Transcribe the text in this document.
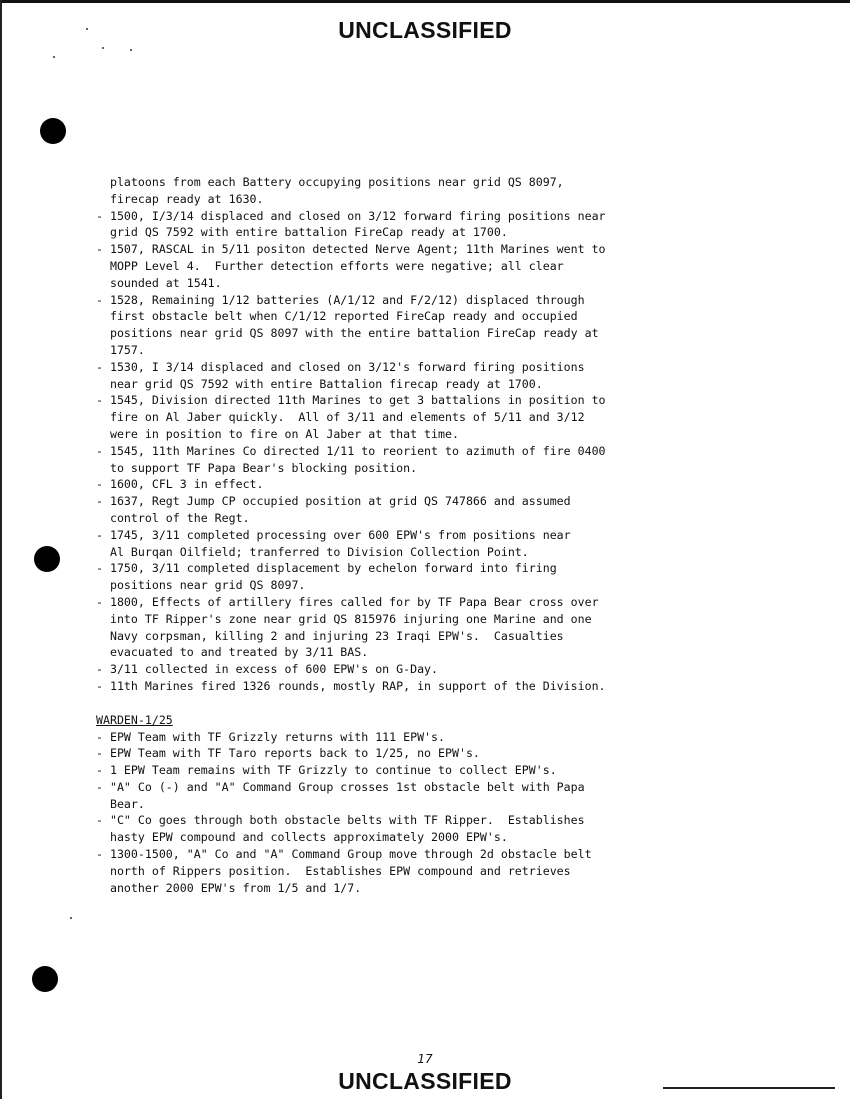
UNCLASSIFIED
platoons from each Battery occupying positions near grid QS 8097,
firecap ready at 1630.
- 1500, I/3/14 displaced and closed on 3/12 forward firing positions near
grid QS 7592 with entire battalion FireCap ready at 1700.
- 1507, RASCAL in 5/11 positon detected Nerve Agent; 11th Marines went to
MOPP Level 4.  Further detection efforts were negative; all clear
sounded at 1541.
- 1528, Remaining 1/12 batteries (A/1/12 and F/2/12) displaced through
first obstacle belt when C/1/12 reported FireCap ready and occupied
positions near grid QS 8097 with the entire battalion FireCap ready at
1757.
- 1530, I 3/14 displaced and closed on 3/12's forward firing positions
near grid QS 7592 with entire Battalion firecap ready at 1700.
- 1545, Division directed 11th Marines to get 3 battalions in position to
fire on Al Jaber quickly.  All of 3/11 and elements of 5/11 and 3/12
were in position to fire on Al Jaber at that time.
- 1545, 11th Marines Co directed 1/11 to reorient to azimuth of fire 0400
to support TF Papa Bear's blocking position.
- 1600, CFL 3 in effect.
- 1637, Regt Jump CP occupied position at grid QS 747866 and assumed
control of the Regt.
- 1745, 3/11 completed processing over 600 EPW's from positions near
Al Burqan Oilfield; tranferred to Division Collection Point.
- 1750, 3/11 completed displacement by echelon forward into firing
positions near grid QS 8097.
- 1800, Effects of artillery fires called for by TF Papa Bear cross over
into TF Ripper's zone near grid QS 815976 injuring one Marine and one
Navy corpsman, killing 2 and injuring 23 Iraqi EPW's.  Casualties
evacuated to and treated by 3/11 BAS.
- 3/11 collected in excess of 600 EPW's on G-Day.
- 11th Marines fired 1326 rounds, mostly RAP, in support of the Division.
WARDEN-1/25
- EPW Team with TF Grizzly returns with 111 EPW's.
- EPW Team with TF Taro reports back to 1/25, no EPW's.
- 1 EPW Team remains with TF Grizzly to continue to collect EPW's.
- "A" Co (-) and "A" Command Group crosses 1st obstacle belt with Papa
Bear.
- "C" Co goes through both obstacle belts with TF Ripper.  Establishes
hasty EPW compound and collects approximately 2000 EPW's.
- 1300-1500, "A" Co and "A" Command Group move through 2d obstacle belt
north of Rippers position.  Establishes EPW compound and retrieves
another 2000 EPW's from 1/5 and 1/7.
17
UNCLASSIFIED
